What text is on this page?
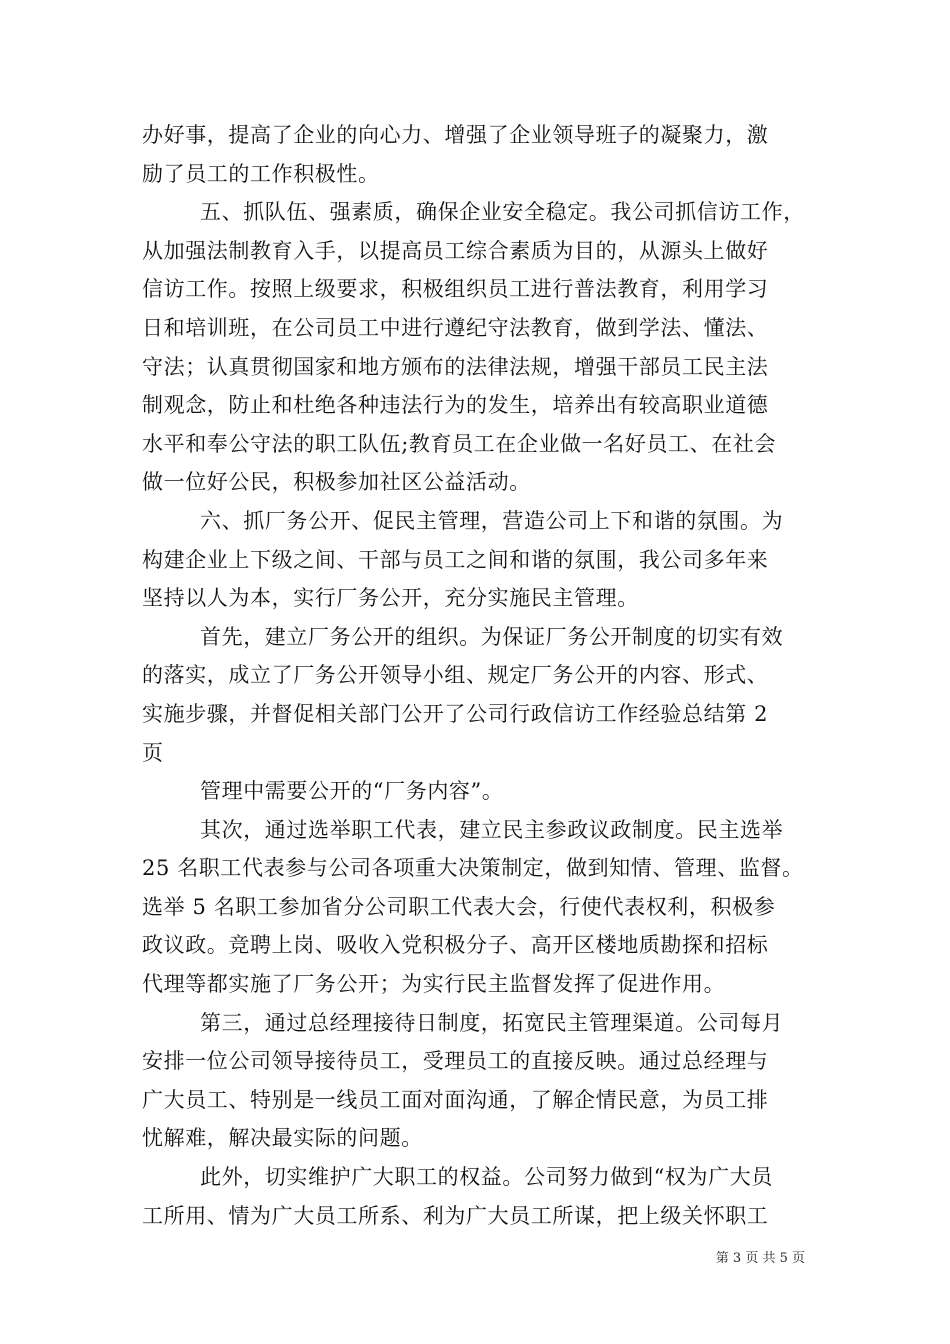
办好事，提高了企业的向心力、增强了企业领导班子的凝聚力，激
励了员工的工作积极性。
五、抓队伍、强素质，确保企业安全稳定。我公司抓信访工作，
从加强法制教育入手，以提高员工综合素质为目的，从源头上做好
信访工作。按照上级要求，积极组织员工进行普法教育，利用学习
日和培训班，在公司员工中进行遵纪守法教育，做到学法、懂法、
守法；认真贯彻国家和地方颁布的法律法规，增强干部员工民主法
制观念，防止和杜绝各种违法行为的发生，培养出有较高职业道德
水平和奉公守法的职工队伍;教育员工在企业做一名好员工、在社会
做一位好公民，积极参加社区公益活动。
六、抓厂务公开、促民主管理，营造公司上下和谐的氛围。为
构建企业上下级之间、干部与员工之间和谐的氛围，我公司多年来
坚持以人为本，实行厂务公开，充分实施民主管理。
首先，建立厂务公开的组织。为保证厂务公开制度的切实有效
的落实，成立了厂务公开领导小组、规定厂务公开的内容、形式、
实施步骤，并督促相关部门公开了公司行政信访工作经验总结第 2
页
管理中需要公开的“厂务内容”。
其次，通过选举职工代表，建立民主参政议政制度。民主选举
25 名职工代表参与公司各项重大决策制定，做到知情、管理、监督。
选举 5 名职工参加省分公司职工代表大会，行使代表权利，积极参
政议政。竞聘上岗、吸收入党积极分子、高开区楼地质勘探和招标
代理等都实施了厂务公开；为实行民主监督发挥了促进作用。
第三，通过总经理接待日制度，拓宽民主管理渠道。公司每月
安排一位公司领导接待员工，受理员工的直接反映。通过总经理与
广大员工、特别是一线员工面对面沟通，了解企情民意，为员工排
忧解难，解决最实际的问题。
此外，切实维护广大职工的权益。公司努力做到“权为广大员
工所用、情为广大员工所系、利为广大员工所谋，把上级关怀职工
第 3 页 共 5 页
